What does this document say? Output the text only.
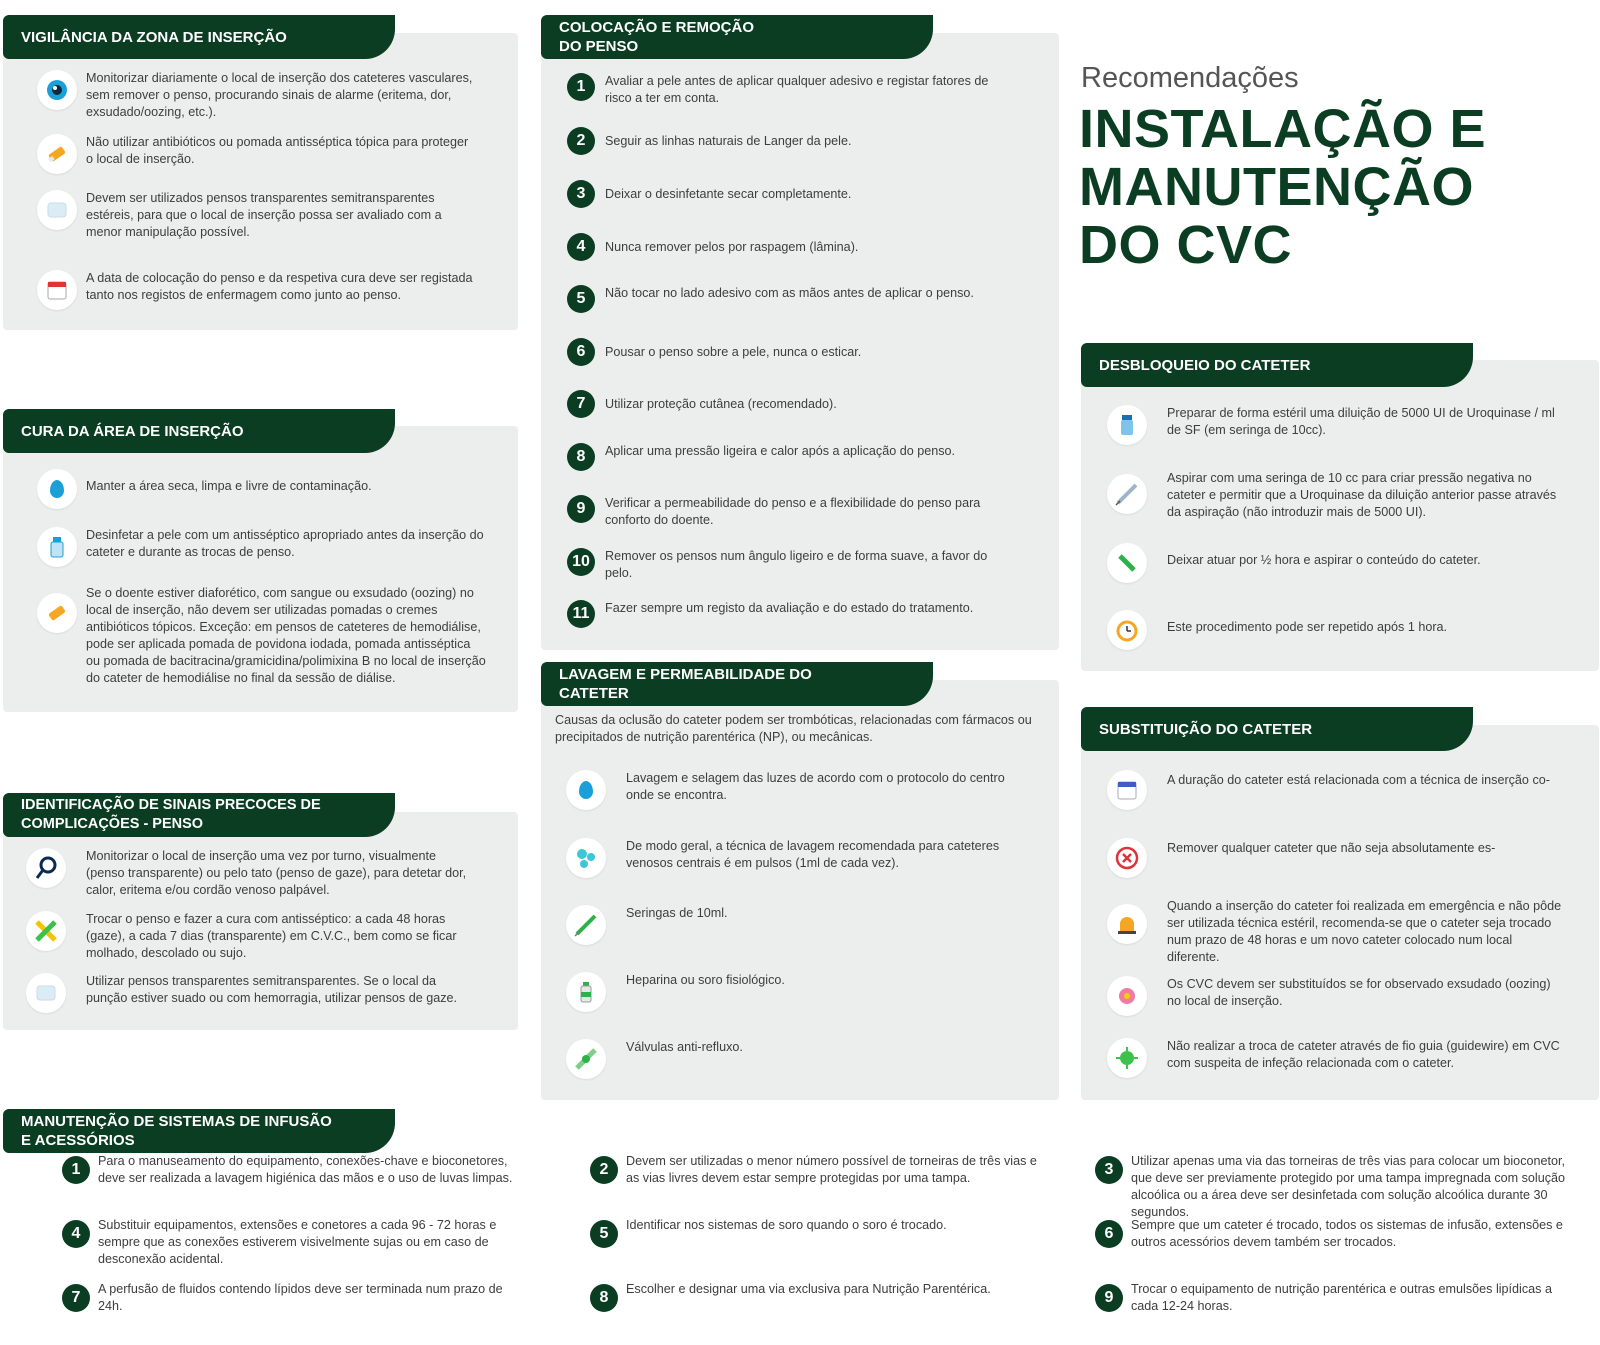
Recomendações
INSTALAÇÃO E
MANUTENÇÃO
DO CVC
VIGILÂNCIA DA ZONA DE INSERÇÃO
Monitorizar diariamente o local de inserção dos cateteres vasculares, sem remover o penso, procurando sinais de alarme (eritema, dor, exsudado/oozing, etc.).
Não utilizar antibióticos ou pomada antisséptica tópica para proteger o local de inserção.
Devem ser utilizados pensos transparentes semitransparentes estéreis, para que o local de inserção possa ser avaliado com a menor manipulação possível.
A data de colocação do penso e da respetiva cura deve ser registada tanto nos registos de enfermagem como junto ao penso.
CURA DA ÁREA DE INSERÇÃO
Manter a área seca, limpa e livre de contaminação.
Desinfetar a pele com um antisséptico apropriado antes da inserção do cateter e durante as trocas de penso.
Se o doente estiver diaforético, com sangue ou exsudado (oozing) no local de inserção, não devem ser utilizadas pomadas o cremes antibióticos tópicos. Exceção: em pensos de cateteres de hemodiálise, pode ser aplicada pomada de povidona iodada, pomada antisséptica ou pomada de bacitracina/gramicidina/polimixina B no local de inserção do cateter de hemodiálise no final da sessão de diálise.
IDENTIFICAÇÃO DE SINAIS PRECOCES DE
COMPLICAÇÕES - PENSO
Monitorizar o local de inserção uma vez por turno, visualmente (penso transparente) ou pelo tato (penso de gaze), para detetar dor, calor, eritema e/ou cordão venoso palpável.
Trocar o penso e fazer a cura com antisséptico: a cada 48 horas (gaze), a cada 7 dias (transparente) em C.V.C., bem como se ficar molhado, descolado ou sujo.
Utilizar pensos transparentes semitransparentes. Se o local da punção estiver suado ou com hemorragia, utilizar pensos de gaze.
COLOCAÇÃO E REMOÇÃO
DO PENSO
1	Avaliar a pele antes de aplicar qualquer adesivo e registar fatores de risco a ter em conta.
2	Seguir as linhas naturais de Langer da pele.
3	Deixar o desinfetante secar completamente.
4	Nunca remover pelos por raspagem (lâmina).
5	Não tocar no lado adesivo com as mãos antes de aplicar o penso.
6	Pousar o penso sobre a pele, nunca o esticar.
7	Utilizar proteção cutânea (recomendado).
8	Aplicar uma pressão ligeira e calor após a aplicação do penso.
9	Verificar a permeabilidade do penso e a flexibilidade do penso para conforto do doente.
10	Remover os pensos num ângulo ligeiro e de forma suave, a favor do pelo.
11	Fazer sempre um registo da avaliação e do estado do tratamento.
LAVAGEM E PERMEABILIDADE DO
CATETER
Causas da oclusão do cateter podem ser trombóticas, relacionadas com fármacos ou precipitados de nutrição parentérica (NP), ou mecânicas.
Lavagem e selagem das luzes de acordo com o protocolo do centro onde se encontra.
De modo geral, a técnica de lavagem recomendada para cateteres venosos centrais é em pulsos (1ml de cada vez).
Seringas de 10ml.
Heparina ou soro fisiológico.
Válvulas anti-refluxo.
DESBLOQUEIO DO CATETER
Preparar de forma estéril uma diluição de 5000 UI de Uroquinase / ml de SF (em seringa de 10cc).
Aspirar com uma seringa de 10 cc para criar pressão negativa no cateter e permitir que a Uroquinase da diluição anterior passe através da aspiração (não introduzir mais de 5000 UI).
Deixar atuar por ½ hora e aspirar o conteúdo do cateter.
Este procedimento pode ser repetido após 1 hora.
SUBSTITUIÇÃO DO CATETER
A duração do cateter está relacionada com a técnica de inserção co-
Remover qualquer cateter que não seja absolutamente es-
Quando a inserção do cateter foi realizada em emergência e não pôde ser utilizada técnica estéril, recomenda-se que o cateter seja trocado num prazo de 48 horas e um novo cateter colocado num local diferente.
Os CVC devem ser substituídos se for observado exsudado (oozing) no local de inserção.
Não realizar a troca de cateter através de fio guia (guidewire) em CVC com suspeita de infeção relacionada com o cateter.
MANUTENÇÃO DE SISTEMAS DE INFUSÃO
E ACESSÓRIOS
1	Para o manuseamento do equipamento, conexões-chave e bioconetores, deve ser realizada a lavagem higiénica das mãos e o uso de luvas limpas.	2	Devem ser utilizadas o menor número possível de torneiras de três vias e as vias livres devem estar sempre protegidas por uma tampa.	3	Utilizar apenas uma via das torneiras de três vias para colocar um bioconetor, que deve ser previamente protegido por uma tampa impregnada com solução alcoólica ou a área deve ser desinfetada com solução alcoólica durante 30 segundos.
4	Substituir equipamentos, extensões e conetores a cada 96 - 72 horas e sempre que as conexões estiverem visivelmente sujas ou em caso de desconexão acidental.
5	Identificar nos sistemas de soro quando o soro é trocado.	6	Sempre que um cateter é trocado, todos os sistemas de infusão, extensões e outros acessórios devem também ser trocados.
7	A perfusão de fluidos contendo lípidos deve ser terminada num prazo de 24h.	8	Escolher e designar uma via exclusiva para Nutrição Parentérica.	9	Trocar o equipamento de nutrição parentérica e outras emulsões lipídicas a cada 12-24 horas.
